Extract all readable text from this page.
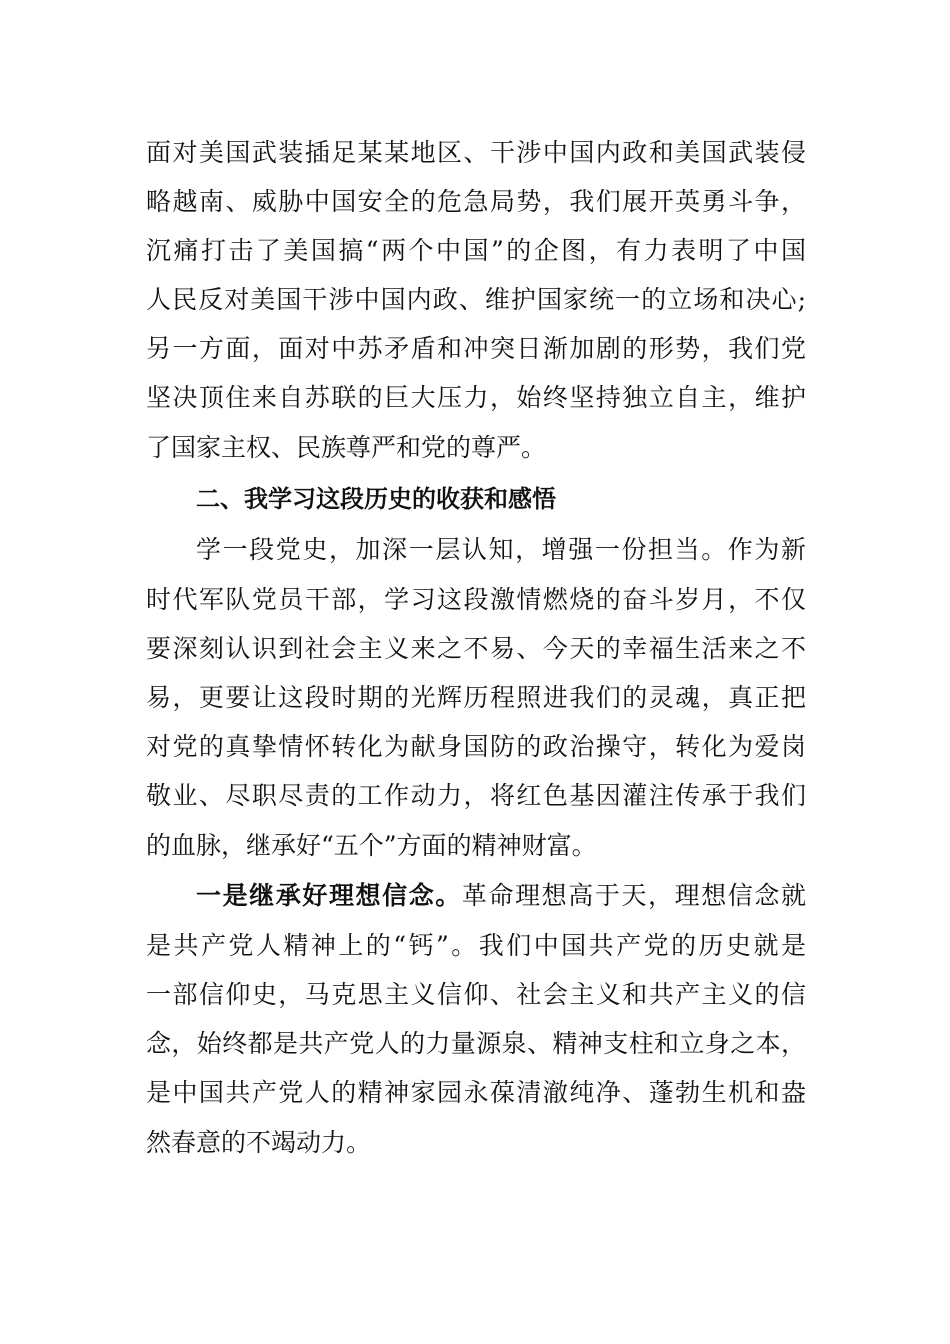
面对美国武装插足某某地区、干涉中国内政和美国武装侵
略越南、威胁中国安全的危急局势，我们展开英勇斗争，
沉痛打击了美国搞“两个中国”的企图，有力表明了中国
人民反对美国干涉中国内政、维护国家统一的立场和决心;
另一方面，面对中苏矛盾和冲突日渐加剧的形势，我们党
坚决顶住来自苏联的巨大压力，始终坚持独立自主，维护
了国家主权、民族尊严和党的尊严。
二、我学习这段历史的收获和感悟
学一段党史，加深一层认知，增强一份担当。作为新
时代军队党员干部，学习这段激情燃烧的奋斗岁月，不仅
要深刻认识到社会主义来之不易、今天的幸福生活来之不
易，更要让这段时期的光辉历程照进我们的灵魂，真正把
对党的真挚情怀转化为献身国防的政治操守，转化为爱岗
敬业、尽职尽责的工作动力，将红色基因灌注传承于我们
的血脉，继承好“五个”方面的精神财富。
一是继承好理想信念。革命理想高于天，理想信念就
是共产党人精神上的“钙”。我们中国共产党的历史就是
一部信仰史，马克思主义信仰、社会主义和共产主义的信
念，始终都是共产党人的力量源泉、精神支柱和立身之本，
是中国共产党人的精神家园永葆清澈纯净、蓬勃生机和盎
然春意的不竭动力。
